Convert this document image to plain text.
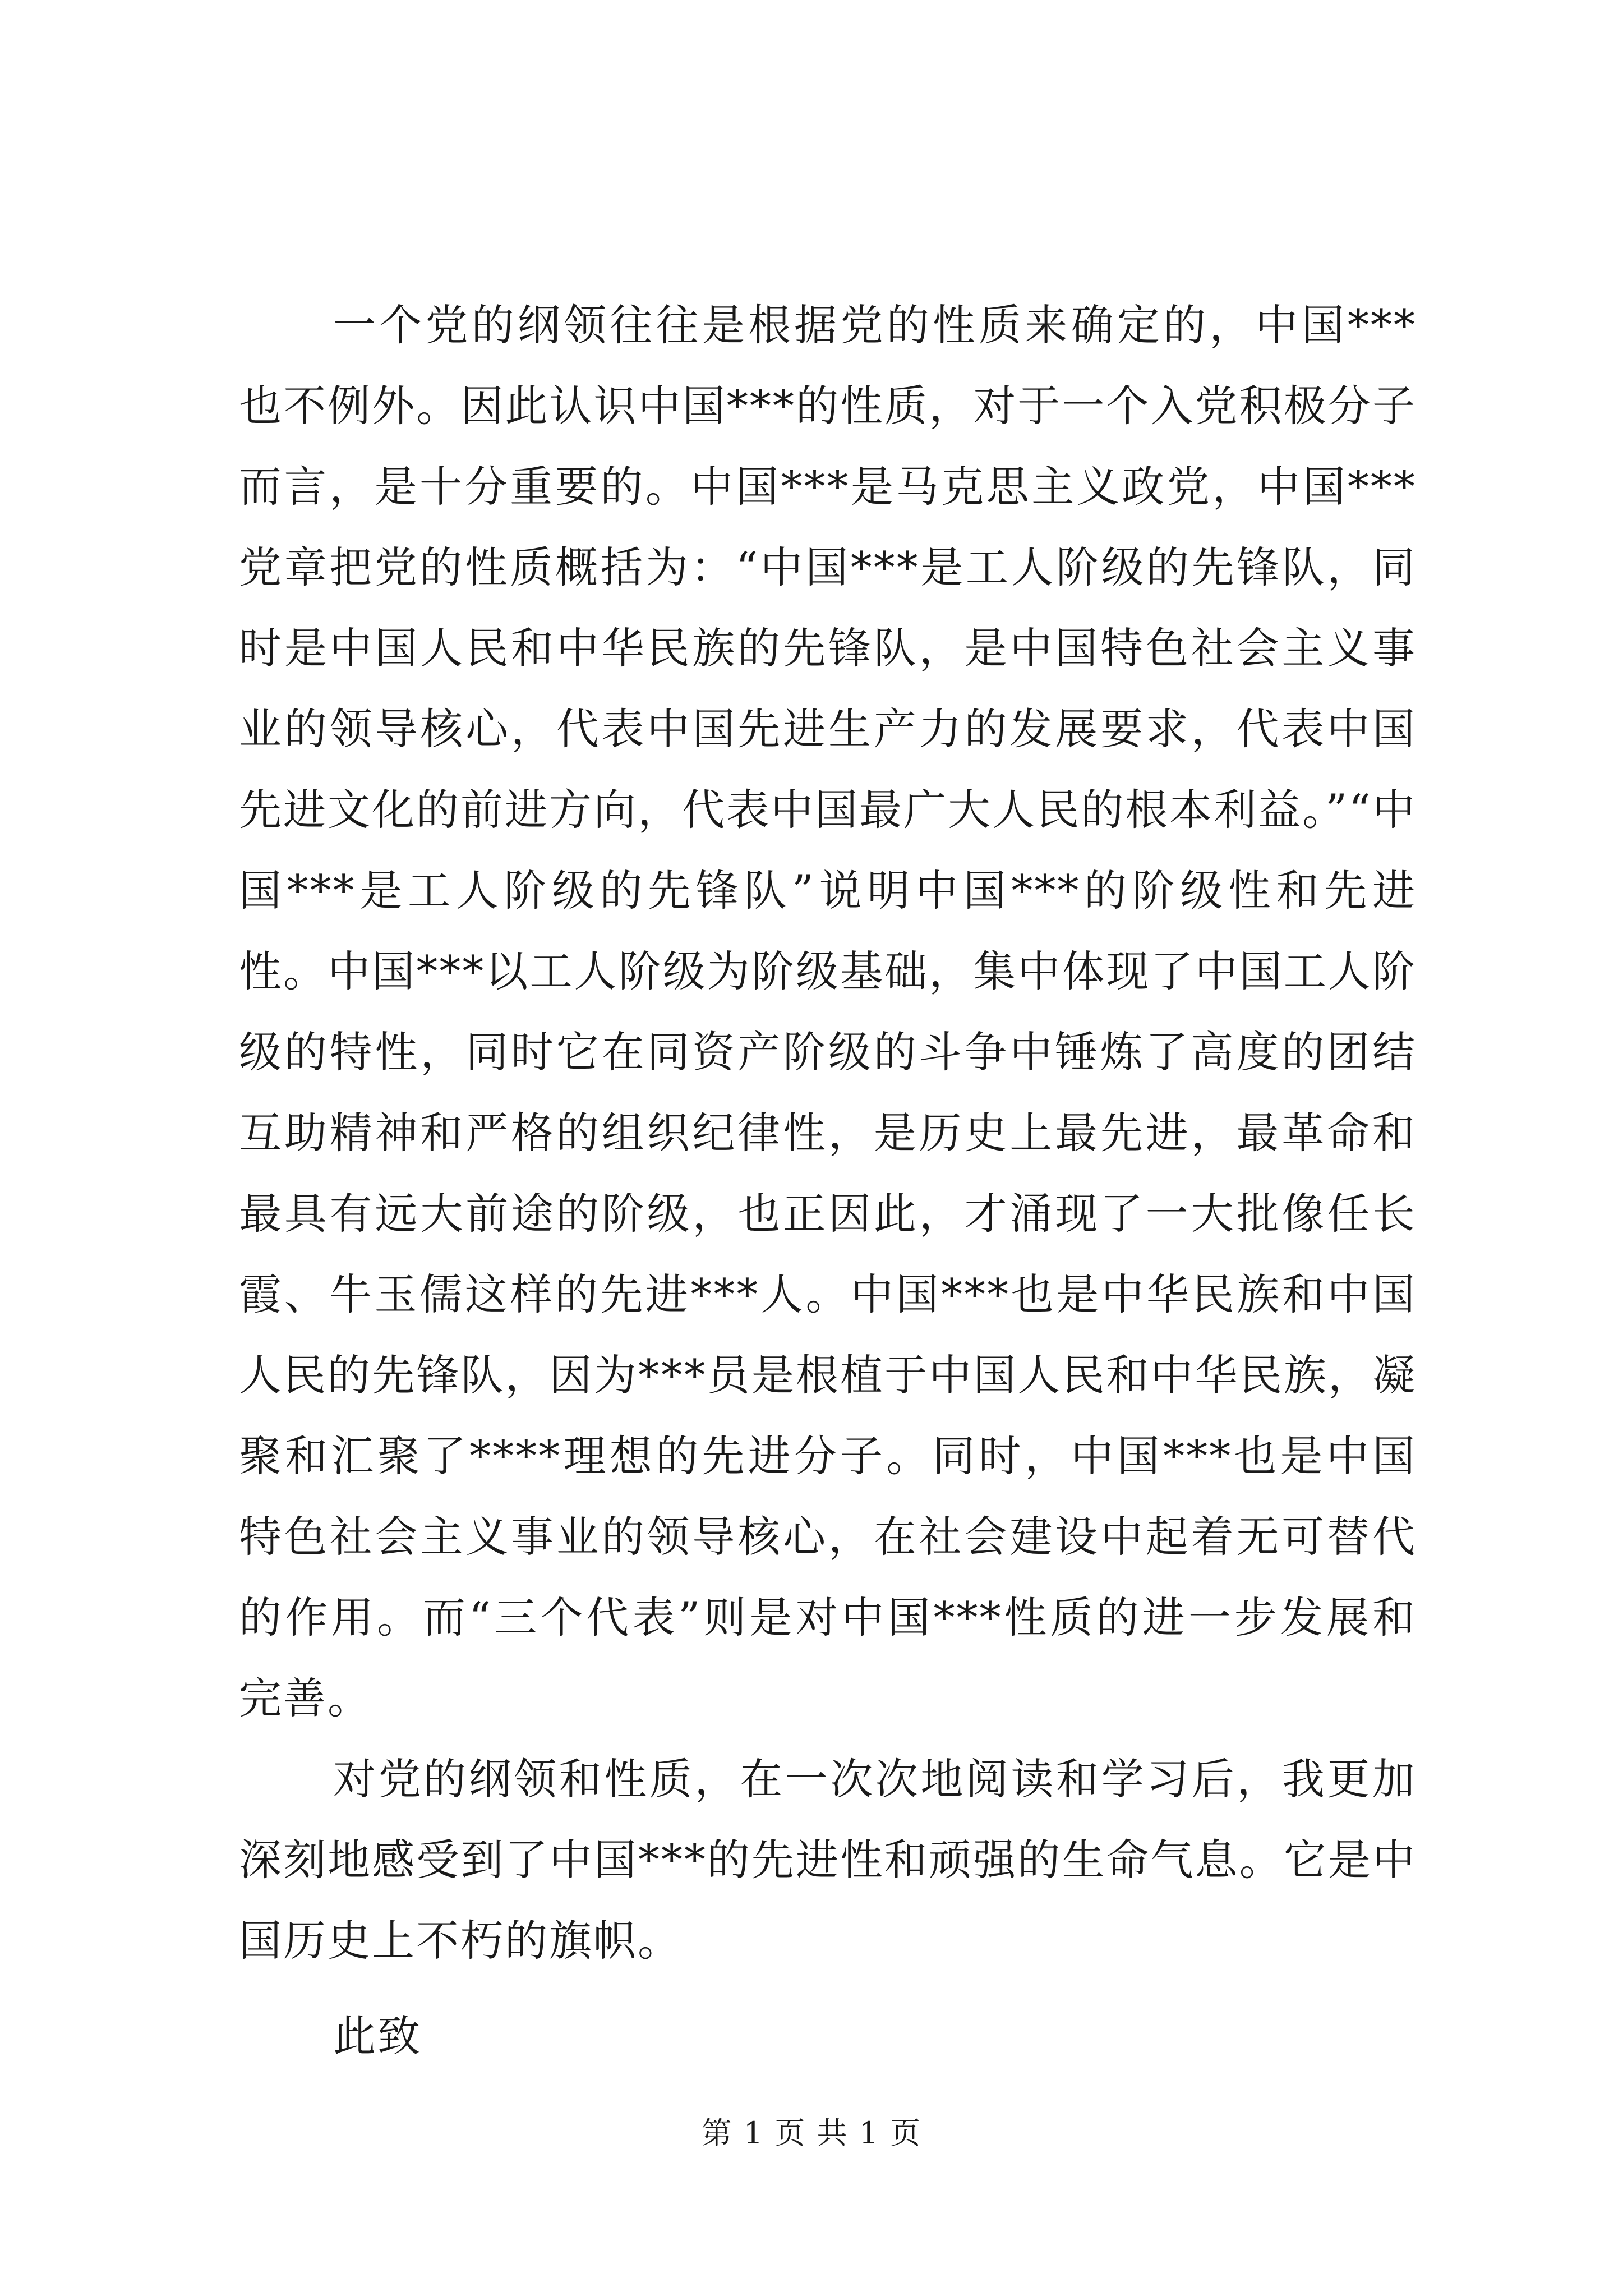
一个党的纲领往往是根据党的性质来确定的，中国***也不例外。因此认识中国***的性质，对于一个入党积极分子而言，是十分重要的。中国***是马克思主义政党，中国***党章把党的性质概括为：“中国***是工人阶级的先锋队，同时是中国人民和中华民族的先锋队，是中国特色社会主义事业的领导核心，代表中国先进生产力的发展要求，代表中国先进文化的前进方向，代表中国最广大人民的根本利益。”“中国***是工人阶级的先锋队”说明中国***的阶级性和先进性。中国***以工人阶级为阶级基础，集中体现了中国工人阶级的特性，同时它在同资产阶级的斗争中锤炼了高度的团结互助精神和严格的组织纪律性，是历史上最先进，最革命和最具有远大前途的阶级，也正因此，才涌现了一大批像任长霞、牛玉儒这样的先进***人。中国***也是中华民族和中国人民的先锋队，因为***员是根植于中国人民和中华民族，凝聚和汇聚了****理想的先进分子。同时，中国***也是中国特色社会主义事业的领导核心，在社会建设中起着无可替代的作用。而“三个代表”则是对中国***性质的进一步发展和完善。

对党的纲领和性质，在一次次地阅读和学习后，我更加深刻地感受到了中国***的先进性和顽强的生命气息。它是中国历史上不朽的旗帜。

此致

第 1 页 共 1 页
